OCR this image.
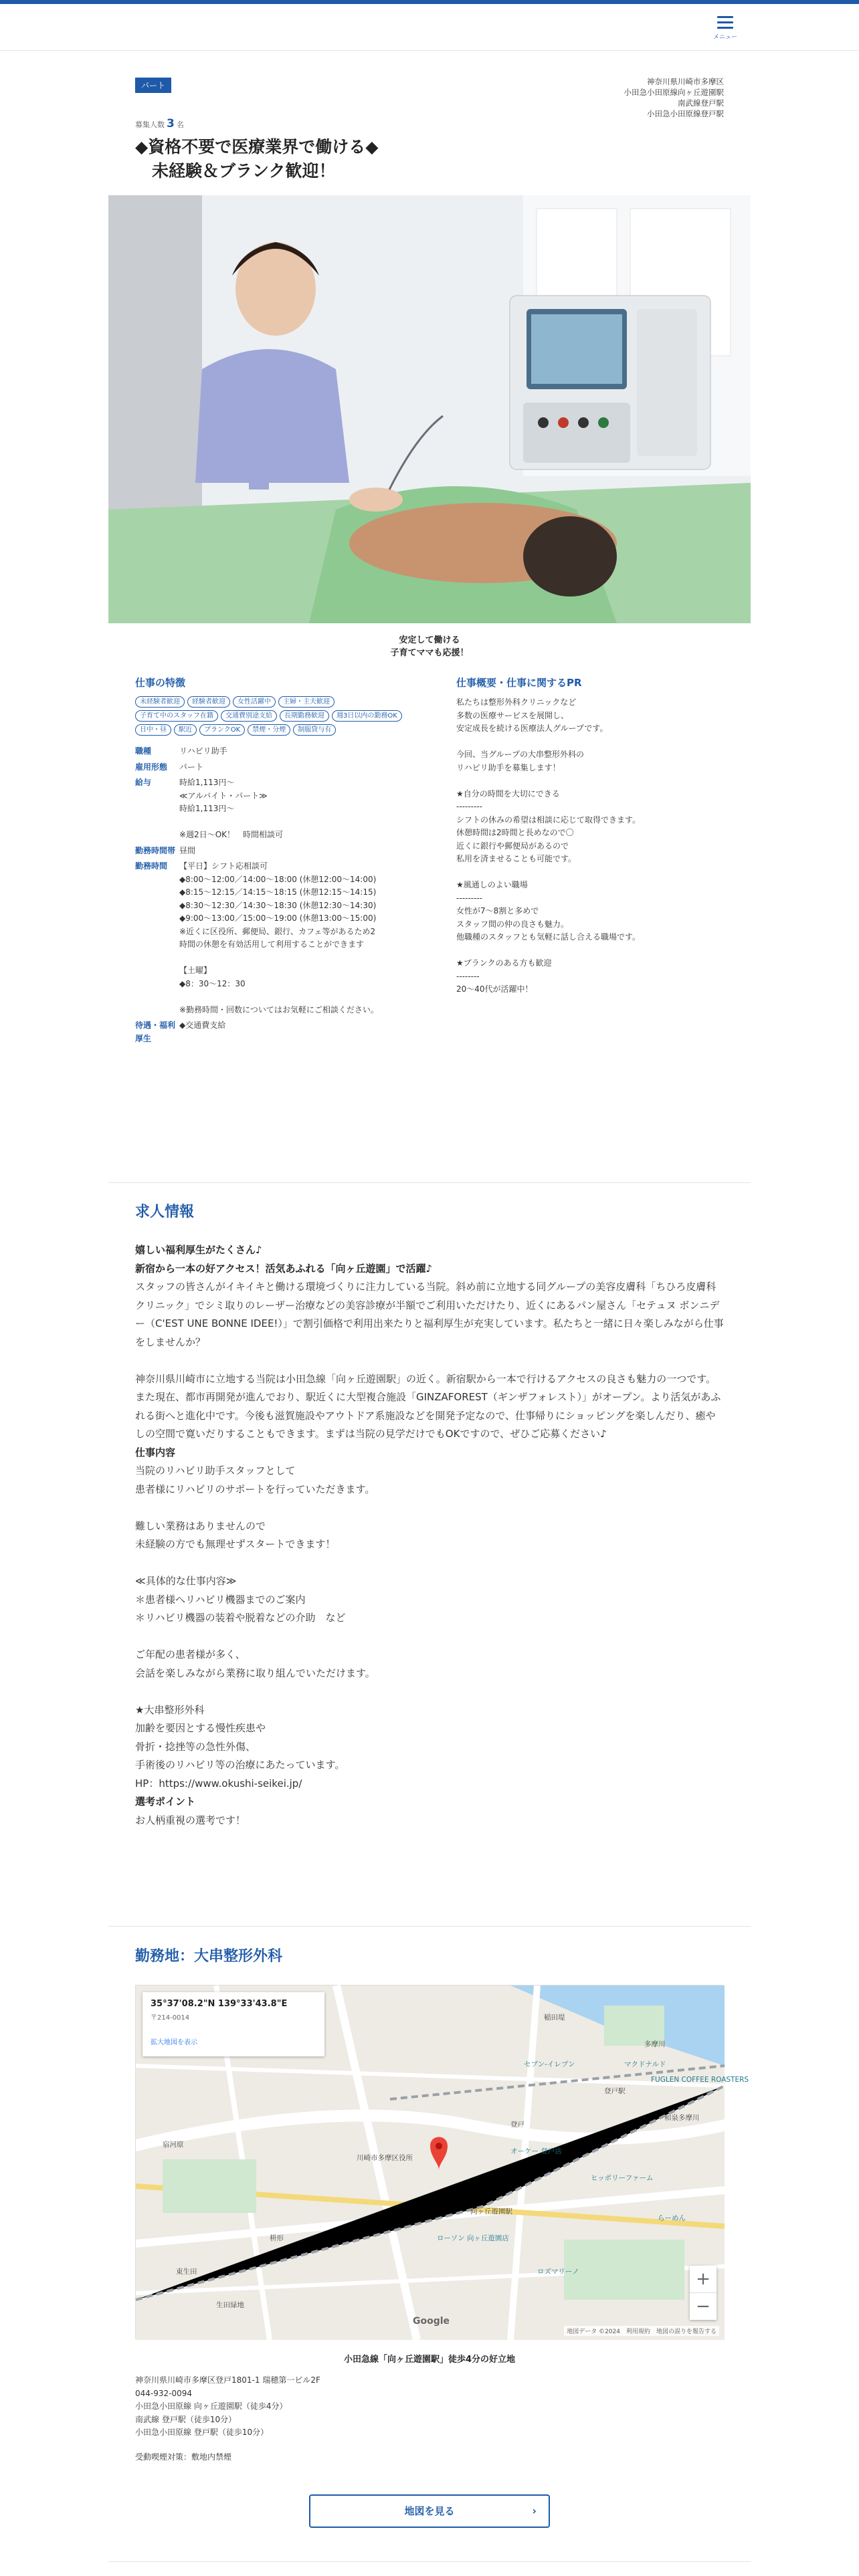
メニュー
パート	神奈川県川崎市多摩区
小田急小田原線向ヶ丘遊園駅
南武線登戸駅
小田急小田原線登戸駅
募集人数 3 名
◆資格不要で医療業界で働ける◆
　未経験＆ブランク歓迎！
安定して働ける
子育てママも応援！
仕事の特徴
未経験者歓迎	経験者歓迎	女性活躍中	主婦・主夫歓迎
子育て中のスタッフ在籍	交通費別途支給	長期勤務歓迎	週3日以内の勤務OK
日中・昼	駅近	ブランクOK	禁煙・分煙	制服貸与有
職種	リハビリ助手
雇用形態	パート
給与	時給1,113円〜
≪アルバイト・パート≫
時給1,113円〜

※週2日〜OK！　時間相談可
勤務時間帯 昼間
勤務時間	【平日】シフト応相談可
◆8:00〜12:00／14:00〜18:00 (休憩12:00〜14:00)
◆8:15〜12:15／14:15〜18:15 (休憩12:15〜14:15)
◆8:30〜12:30／14:30〜18:30 (休憩12:30〜14:30)
◆9:00〜13:00／15:00〜19:00 (休憩13:00〜15:00)
※近くに区役所、郵便局、銀行、カフェ等があるため2時間の休憩を有効活用して利用することができます

【土曜】
◆8：30〜12：30

※勤務時間・回数についてはお気軽にご相談ください。
待遇・福利厚生
◆交通費支給
仕事概要・仕事に関するPR
私たちは整形外科クリニックなど
多数の医療サービスを展開し、
安定成長を続ける医療法人グループです。

今回、当グループの大串整形外科の
リハビリ助手を募集します！

★自分の時間を大切にできる
---------
シフトの休みの希望は相談に応じて取得できます。
休憩時間は2時間と長めなので〇
近くに銀行や郵便局があるので
私用を済ませることも可能です。

★風通しのよい職場
---------
女性が7〜8割と多めで
スタッフ間の仲の良さも魅力。
他職種のスタッフとも気軽に話し合える職場です。

★ブランクのある方も歓迎
--------
20〜40代が活躍中！
求人情報
嬉しい福利厚生がたくさん♪
新宿から一本の好アクセス！活気あふれる「向ヶ丘遊園」で活躍♪
スタッフの皆さんがイキイキと働ける環境づくりに注力している当院。斜め前に立地する同グループの美容皮膚科「ちひろ皮膚科クリニック」でシミ取りのレーザー治療などの美容診療が半額でご利用いただけたり、近くにあるパン屋さん「セテュヌ ボンニデー（C'EST UNE BONNE IDEE!）」で割引価格で利用出来たりと福利厚生が充実しています。私たちと一緒に日々楽しみながら仕事をしませんか？

神奈川県川崎市に立地する当院は小田急線「向ヶ丘遊園駅」の近く。新宿駅から一本で行けるアクセスの良さも魅力の一つです。また現在、都市再開発が進んでおり、駅近くに大型複合施設「GINZAFOREST（ギンザフォレスト）」がオープン。より活気があふれる街へと進化中です。今後も滋賀施設やアウトドア系施設などを開発予定なので、仕事帰りにショッピングを楽しんだり、癒やしの空間で寛いだりすることもできます。まずは当院の見学だけでもOKですので、ぜひご応募ください♪
仕事内容
当院のリハビリ助手スタッフとして
患者様にリハビリのサポートを行っていただきます。

難しい業務はありませんので
未経験の方でも無理せずスタートできます！

≪具体的な仕事内容≫
＊患者様へリハビリ機器までのご案内
＊リハビリ機器の装着や脱着などの介助　など

ご年配の患者様が多く、
会話を楽しみながら業務に取り組んでいただけます。

★大串整形外科
加齢を要因とする慢性疾患や
骨折・捻挫等の急性外傷、
手術後のリハビリ等の治療にあたっています。
HP：https://www.okushi-seikei.jp/
選考ポイント
お人柄重視の選考です！
勤務地：大串整形外科
稲田堤
川崎市多摩区役所
登戸駅
向ヶ丘遊園駅
登戸
宿河原
東生田
枡形
生田緑地
多摩川
和泉多摩川
セブン-イレブン	マクドナルド
FUGLEN COFFEE ROASTERS
オーケー 登戸店
ヒッポリーファーム
ローソン 向ヶ丘遊園店
ロズマリーノ
らーめん
35°37'08.2"N 139°33'43.8"E
〒214-0014
拡大地図を表示
+
−
Google
地図データ ©2024　利用規約　地図の誤りを報告する
小田急線「向ヶ丘遊園駅」徒歩4分の好立地
神奈川県川崎市多摩区登戸1801-1 瑞穂第一ビル2F
044-932-0094
小田急小田原線 向ヶ丘遊園駅（徒歩4分）
南武線 登戸駅（徒歩10分）
小田急小田原線 登戸駅（徒歩10分）
受動喫煙対策：敷地内禁煙
地図を見る	›
